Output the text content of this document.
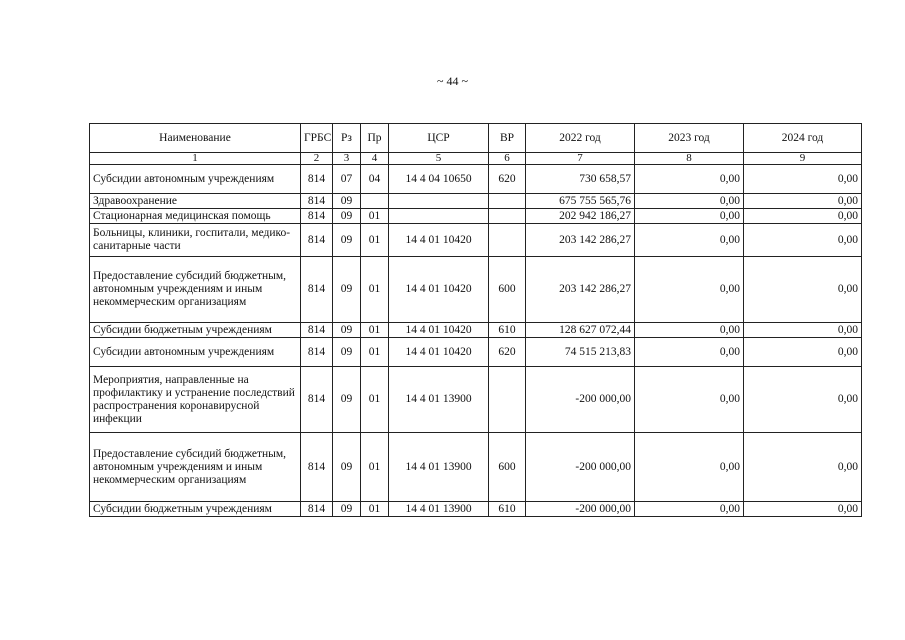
~ 44 ~
Наименование	ГРБС	Рз	Пр	ЦСР	ВР	2022 год	2023 год	2024 год
1	2	3	4	5	6	7	8	9
Субсидии автономным учреждениям	814	07	04	14 4 04 10650	620	730 658,57	0,00	0,00
Здравоохранение	814	09				675 755 565,76	0,00	0,00
Стационарная медицинская помощь	814	09	01			202 942 186,27	0,00	0,00
Больницы, клиники, госпитали, медико-санитарные части	814	09	01	14 4 01 10420		203 142 286,27	0,00	0,00
Предоставление субсидий бюджетным, автономным учреждениям и иным некоммерческим организациям	814	09	01	14 4 01 10420	600	203 142 286,27	0,00	0,00
Субсидии бюджетным учреждениям	814	09	01	14 4 01 10420	610	128 627 072,44	0,00	0,00
Субсидии автономным учреждениям	814	09	01	14 4 01 10420	620	74 515 213,83	0,00	0,00
Мероприятия, направленные на профилактику и устранение последствий распространения коронавирусной инфекции	814	09	01	14 4 01 13900		-200 000,00	0,00	0,00
Предоставление субсидий бюджетным, автономным учреждениям и иным некоммерческим организациям	814	09	01	14 4 01 13900	600	-200 000,00	0,00	0,00
Субсидии бюджетным учреждениям	814	09	01	14 4 01 13900	610	-200 000,00	0,00	0,00
